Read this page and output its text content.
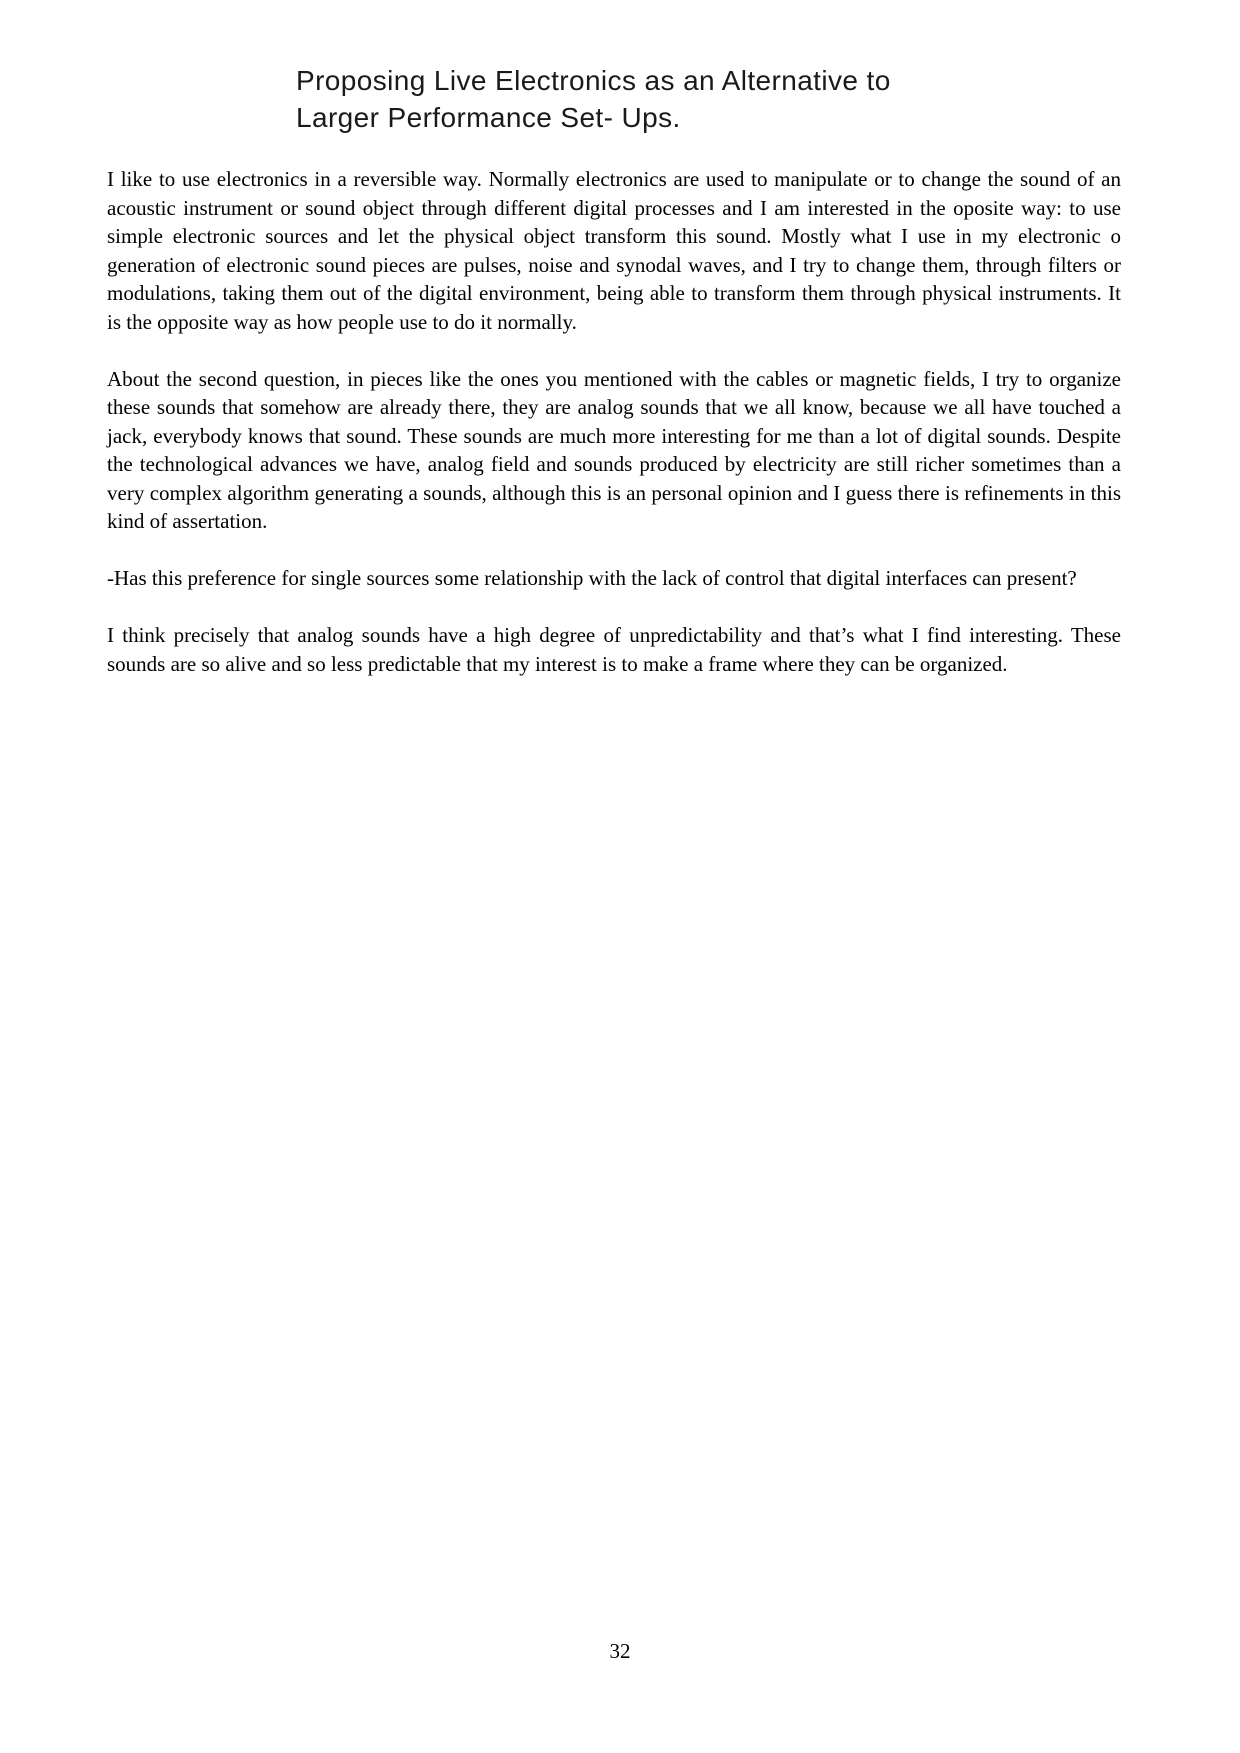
Proposing Live Electronics as an Alternative to
Larger Performance Set- Ups.

I like to use electronics in a reversible way. Normally electronics are used to manipulate or to change the sound of an acoustic instrument or sound object through different digital processes and I am interested in the oposite way: to use simple electronic sources and let the physical object transform this sound. Mostly what I use in my electronic o generation of electronic sound pieces are pulses, noise and synodal waves, and I try to change them, through filters or modulations, taking them out of the digital environment, being able to transform them through physical instruments. It is the opposite way as how people use to do it normally.

About the second question, in pieces like the ones you mentioned with the cables or magnetic fields, I try to organize these sounds that somehow are already there, they are analog sounds that we all know, because we all have touched a jack, everybody knows that sound. These sounds are much more interesting for me than a lot of digital sounds. Despite the technological advances we have, analog field and sounds produced by electricity are still richer sometimes than a very complex algorithm generating a sounds, although this is an personal opinion and I guess there is refinements in this kind of assertation.

-Has this preference for single sources some relationship with the lack of control that digital interfaces can present?

I think precisely that analog sounds have a high degree of unpredictability and that’s what I find interesting. These sounds are so alive and so less predictable that my interest is to make a frame where they can be organized.

32
